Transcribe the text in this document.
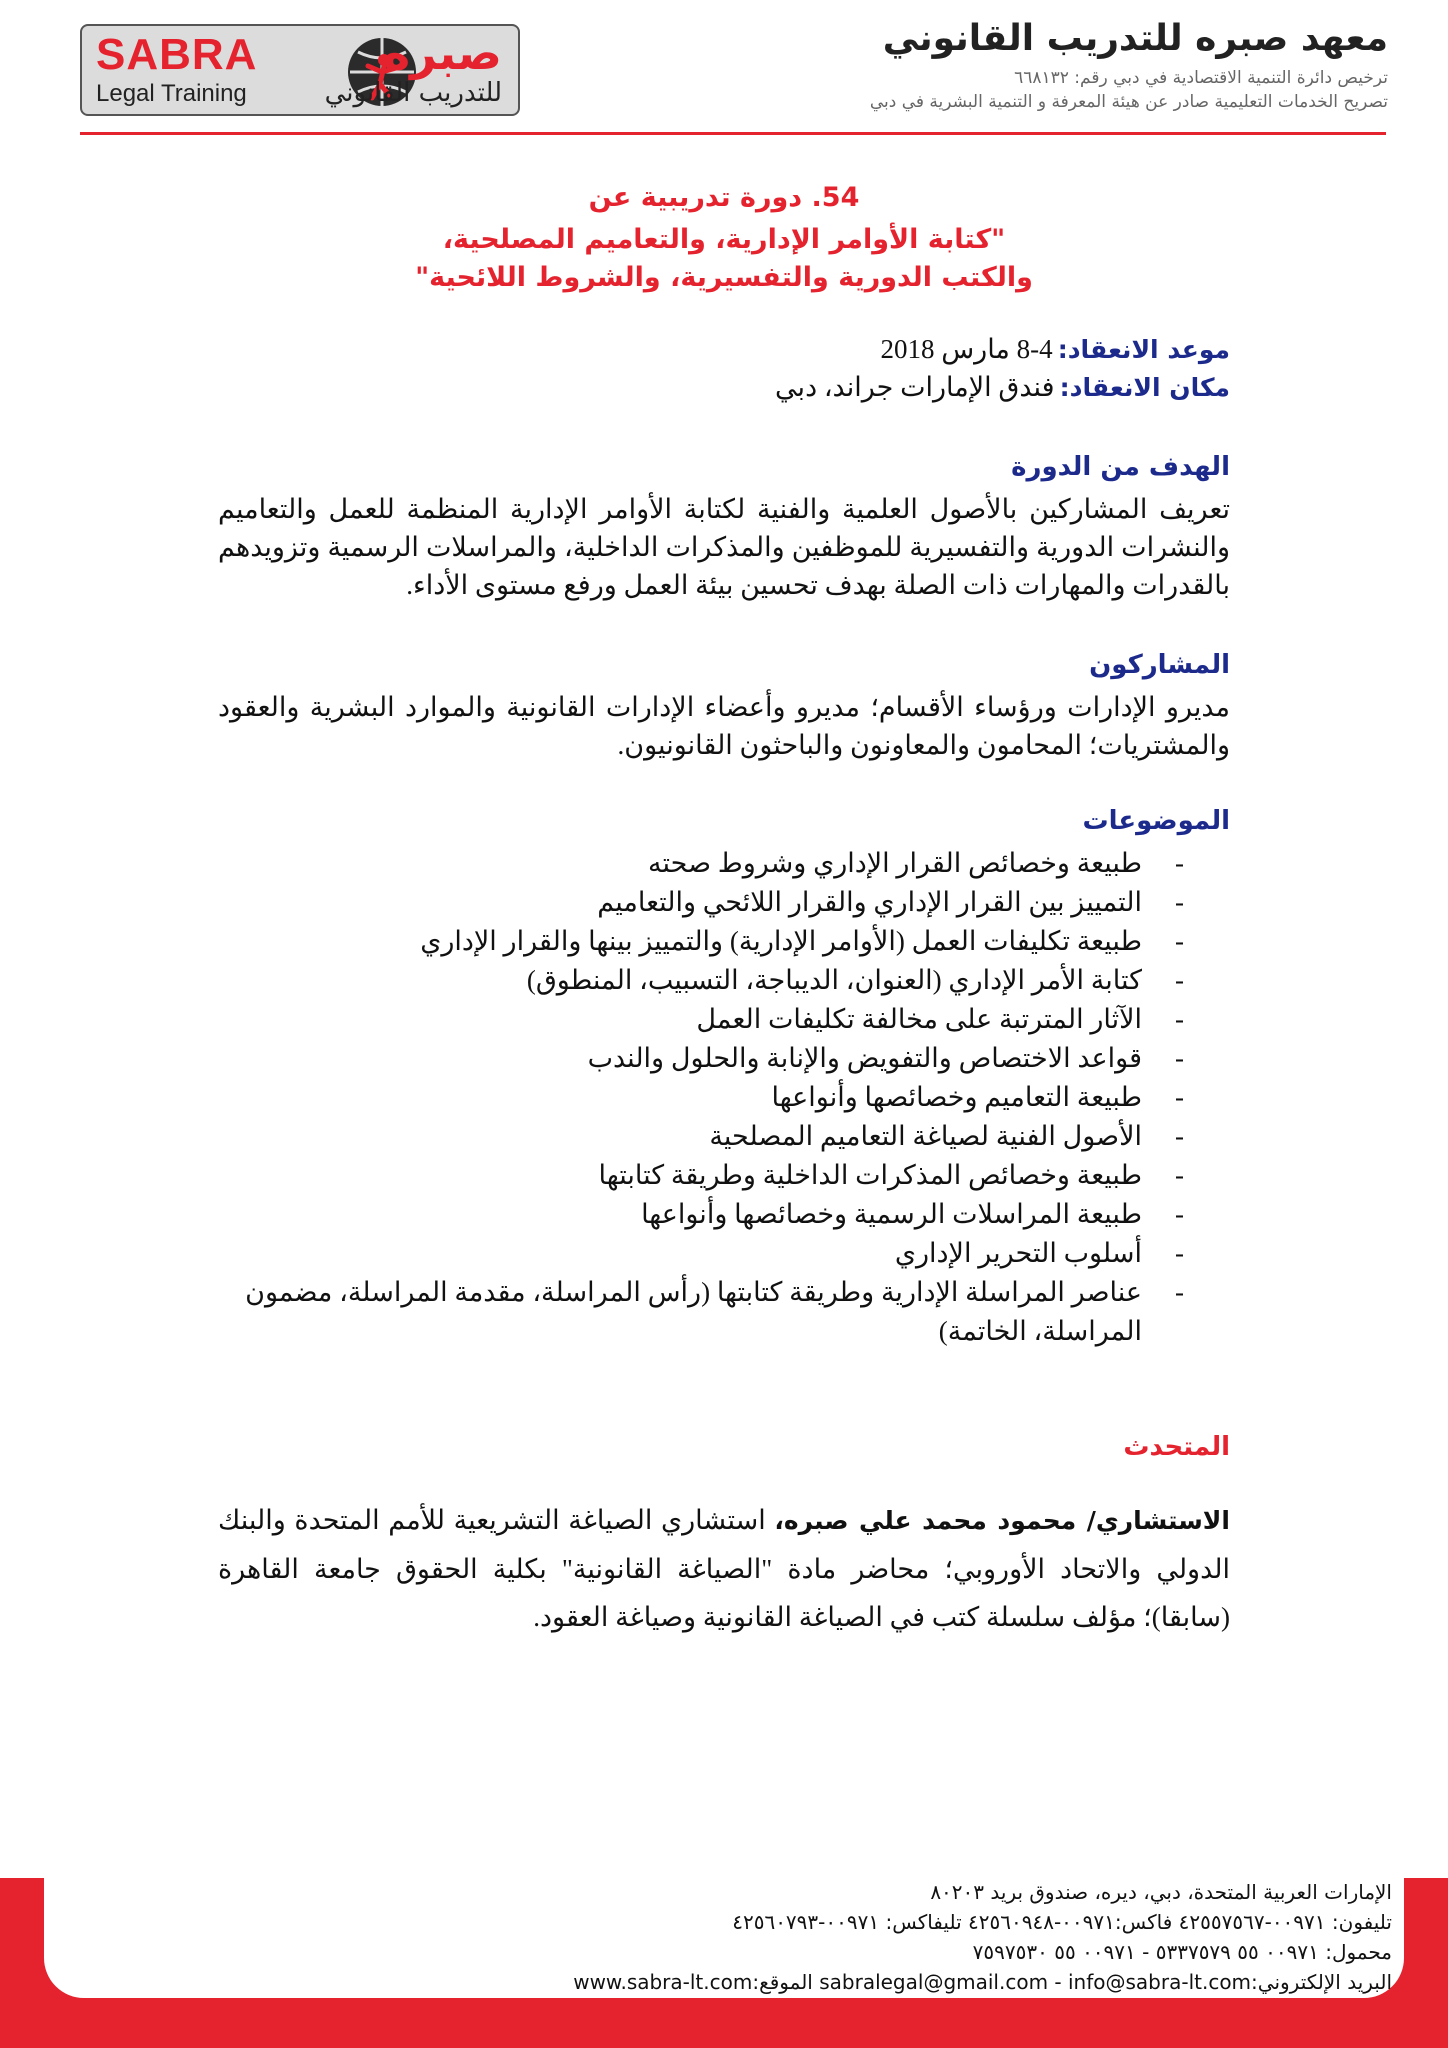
SABRA
Legal Training
صبره
للتدريب القانوني
معهد صبره للتدريب القانوني
ترخيص دائرة التنمية الاقتصادية في دبي رقم: ٦٦٨١٣٢
تصريح الخدمات التعليمية صادر عن هيئة المعرفة و التنمية البشرية في دبي
54. دورة تدريبية عن
"كتابة الأوامر الإدارية، والتعاميم المصلحية،
والكتب الدورية والتفسيرية، والشروط اللائحية"
موعد الانعقاد: 4-8 مارس 2018
مكان الانعقاد: فندق الإمارات جراند، دبي
الهدف من الدورة
تعريف المشاركين بالأصول العلمية والفنية لكتابة الأوامر الإدارية المنظمة للعمل والتعاميم والنشرات الدورية والتفسيرية للموظفين والمذكرات الداخلية، والمراسلات الرسمية وتزويدهم بالقدرات والمهارات ذات الصلة بهدف تحسين بيئة العمل ورفع مستوى الأداء.
المشاركون
مديرو الإدارات ورؤساء الأقسام؛ مديرو وأعضاء الإدارات القانونية والموارد البشرية والعقود والمشتريات؛ المحامون والمعاونون والباحثون القانونيون.
الموضوعات
-
طبيعة وخصائص القرار الإداري وشروط صحته
-
التمييز بين القرار الإداري والقرار اللائحي والتعاميم
-
طبيعة تكليفات العمل (الأوامر الإدارية) والتمييز بينها والقرار الإداري
-
كتابة الأمر الإداري (العنوان، الديباجة، التسبيب، المنطوق)
-
الآثار المترتبة على مخالفة تكليفات العمل
-
قواعد الاختصاص والتفويض والإنابة والحلول والندب
-
طبيعة التعاميم وخصائصها وأنواعها
-
الأصول الفنية لصياغة التعاميم المصلحية
-
طبيعة وخصائص المذكرات الداخلية وطريقة كتابتها
-
طبيعة المراسلات الرسمية وخصائصها وأنواعها
-
أسلوب التحرير الإداري
-
عناصر المراسلة الإدارية وطريقة كتابتها (رأس المراسلة، مقدمة المراسلة، مضمون المراسلة، الخاتمة)
المتحدث
الاستشاري/ محمود محمد علي صبره، استشاري الصياغة التشريعية للأمم المتحدة والبنك الدولي والاتحاد الأوروبي؛ محاضر مادة "الصياغة القانونية" بكلية الحقوق جامعة القاهرة (سابقا)؛ مؤلف سلسلة كتب في الصياغة القانونية وصياغة العقود.
الإمارات العربية المتحدة، دبي، ديره، صندوق بريد ٨٠٢٠٣
تليفون: ٠٠٩٧١-٤٢٥٥٧٥٦٧ فاكس:٠٠٩٧١-٤٢٥٦٠٩٤٨ تليفاكس: ٠٠٩٧١-٤٢٥٦٠٧٩٣
محمول: ٠٠٩٧١ ٥٥ ٥٣٣٧٥٧٩ - ٠٠٩٧١ ٥٥ ٧٥٩٧٥٣٠
البريد الإلكتروني:sabralegal@gmail.com - info@sabra-lt.com الموقع:www.sabra-lt.com
